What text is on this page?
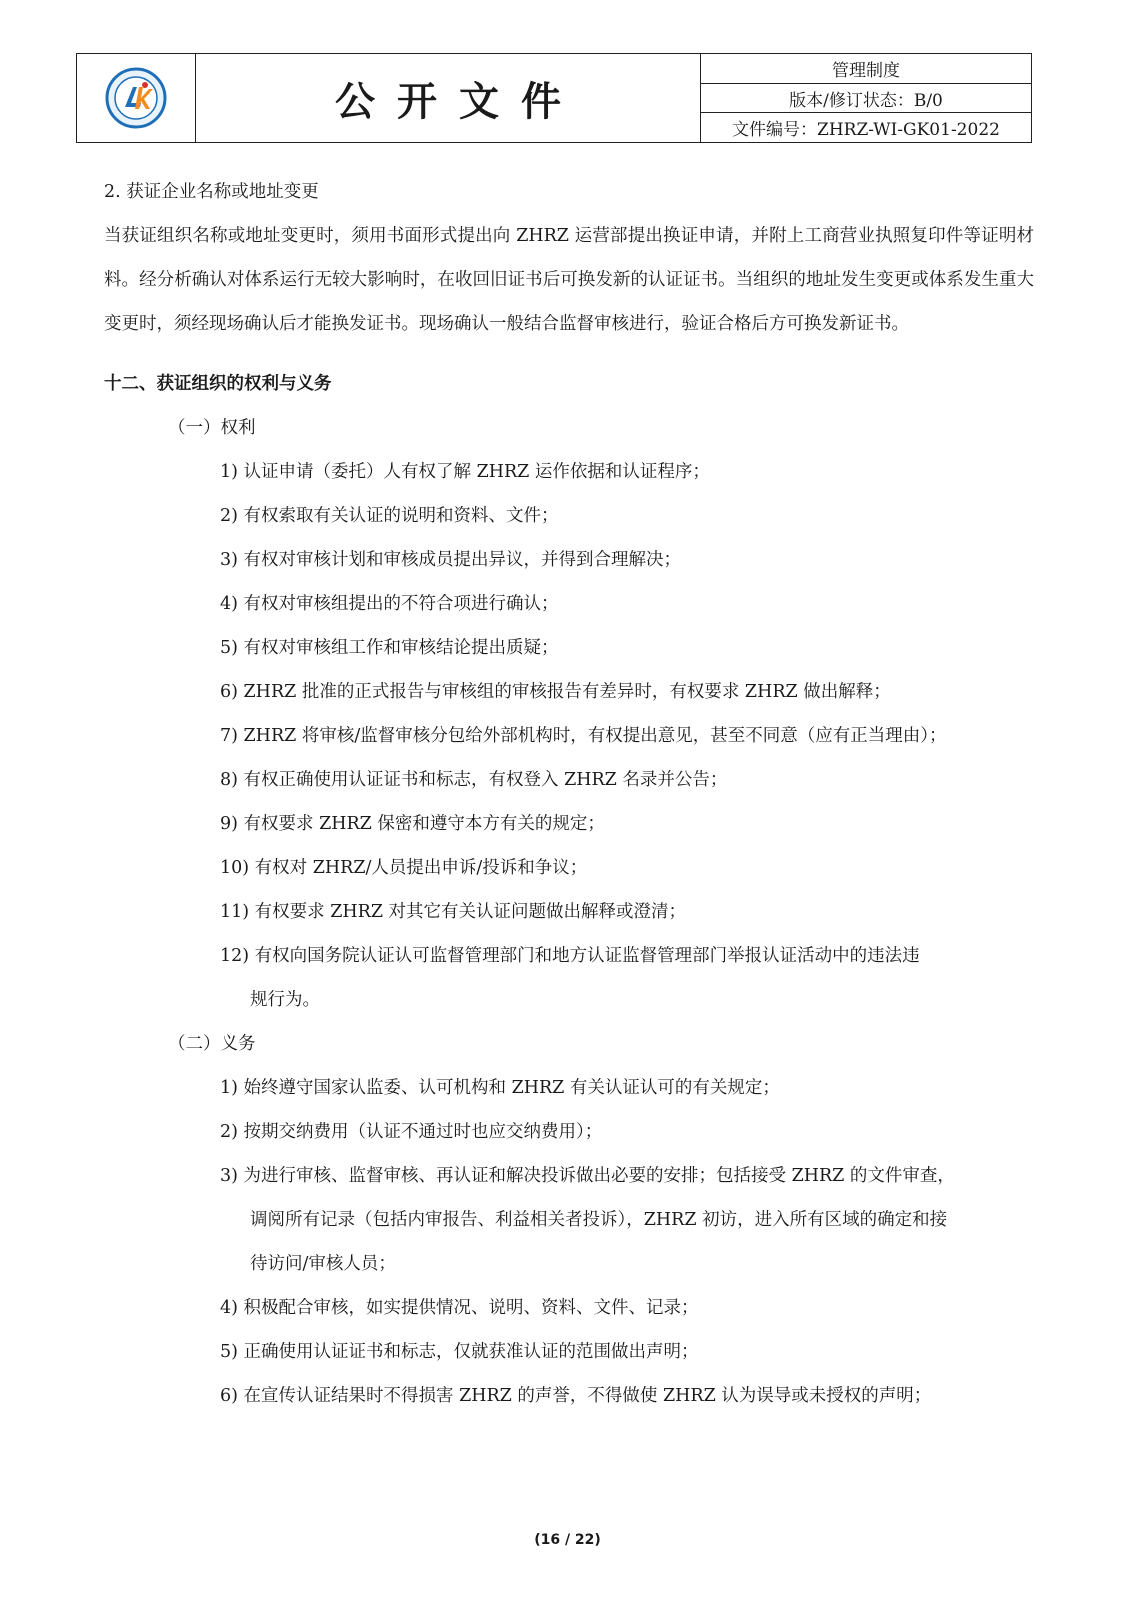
公开文件
管理制度
版本/修订状态：B/0
文件编号：ZHRZ-WI-GK01-2022

2. 获证企业名称或地址变更

当获证组织名称或地址变更时，须用书面形式提出向 ZHRZ 运营部提出换证申请，并附上工商营业执照复印件等证明材料。经分析确认对体系运行无较大影响时，在收回旧证书后可换发新的认证证书。当组织的地址发生变更或体系发生重大变更时，须经现场确认后才能换发证书。现场确认一般结合监督审核进行，验证合格后方可换发新证书。

十二、获证组织的权利与义务

（一）权利

1) 认证申请（委托）人有权了解 ZHRZ 运作依据和认证程序；

2) 有权索取有关认证的说明和资料、文件；

3) 有权对审核计划和审核成员提出异议，并得到合理解决；

4) 有权对审核组提出的不符合项进行确认；

5) 有权对审核组工作和审核结论提出质疑；

6) ZHRZ 批准的正式报告与审核组的审核报告有差异时，有权要求 ZHRZ 做出解释；

7) ZHRZ 将审核/监督审核分包给外部机构时，有权提出意见，甚至不同意（应有正当理由）；

8) 有权正确使用认证证书和标志，有权登入 ZHRZ 名录并公告；

9) 有权要求 ZHRZ 保密和遵守本方有关的规定；

10) 有权对 ZHRZ/人员提出申诉/投诉和争议；

11) 有权要求 ZHRZ 对其它有关认证问题做出解释或澄清；

12) 有权向国务院认证认可监督管理部门和地方认证监督管理部门举报认证活动中的违法违

规行为。

（二）义务

1) 始终遵守国家认监委、认可机构和 ZHRZ 有关认证认可的有关规定；

2) 按期交纳费用（认证不通过时也应交纳费用）；

3) 为进行审核、监督审核、再认证和解决投诉做出必要的安排；包括接受 ZHRZ 的文件审查，

调阅所有记录（包括内审报告、利益相关者投诉），ZHRZ 初访，进入所有区域的确定和接

待访问/审核人员；

4) 积极配合审核，如实提供情况、说明、资料、文件、记录；

5) 正确使用认证证书和标志，仅就获准认证的范围做出声明；

6) 在宣传认证结果时不得损害 ZHRZ 的声誉，不得做使 ZHRZ 认为误导或未授权的声明；

(16 / 22)
